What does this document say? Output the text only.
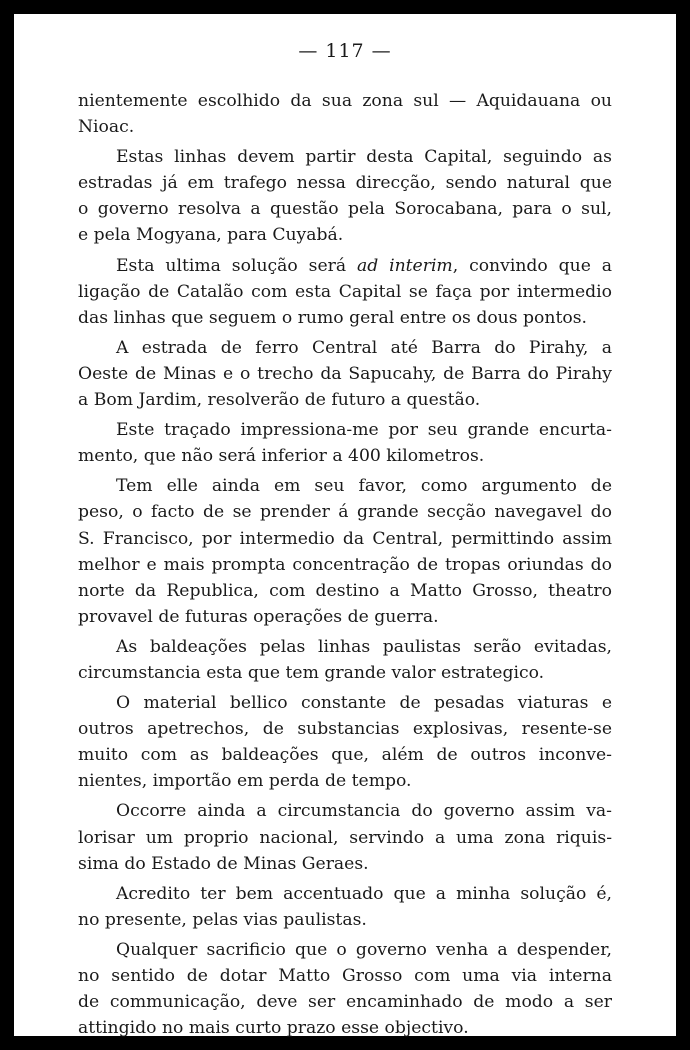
— 117 —

nientemente escolhido da sua zona sul — Aquidauana ou
Nioac.

Estas linhas devem partir desta Capital, seguindo as
estradas já em trafego nessa direcção, sendo natural que
o governo resolva a questão pela Sorocabana, para o sul,
e pela Mogyana, para Cuyabá.

Esta ultima solução será ad interim, convindo que a
ligação de Catalão com esta Capital se faça por intermedio
das linhas que seguem o rumo geral entre os dous pontos.

A estrada de ferro Central até Barra do Pirahy, a
Oeste de Minas e o trecho da Sapucahy, de Barra do Pirahy
a Bom Jardim, resolverão de futuro a questão.

Este traçado impressiona-me por seu grande encurta-
mento, que não será inferior a 400 kilometros.

Tem elle ainda em seu favor, como argumento de
peso, o facto de se prender á grande secção navegavel do
S. Francisco, por intermedio da Central, permittindo assim
melhor e mais prompta concentração de tropas oriundas do
norte da Republica, com destino a Matto Grosso, theatro
provavel de futuras operações de guerra.

As baldeações pelas linhas paulistas serão evitadas,
circumstancia esta que tem grande valor estrategico.

O material bellico constante de pesadas viaturas e
outros apetrechos, de substancias explosivas, resente-se
muito com as baldeações que, além de outros inconve-
nientes, importão em perda de tempo.

Occorre ainda a circumstancia do governo assim va-
lorisar um proprio nacional, servindo a uma zona riquis-
sima do Estado de Minas Geraes.

Acredito ter bem accentuado que a minha solução é,
no presente, pelas vias paulistas.

Qualquer sacrificio que o governo venha a despender,
no sentido de dotar Matto Grosso com uma via interna
de communicação, deve ser encaminhado de modo a ser
attingido no mais curto prazo esse objectivo.
